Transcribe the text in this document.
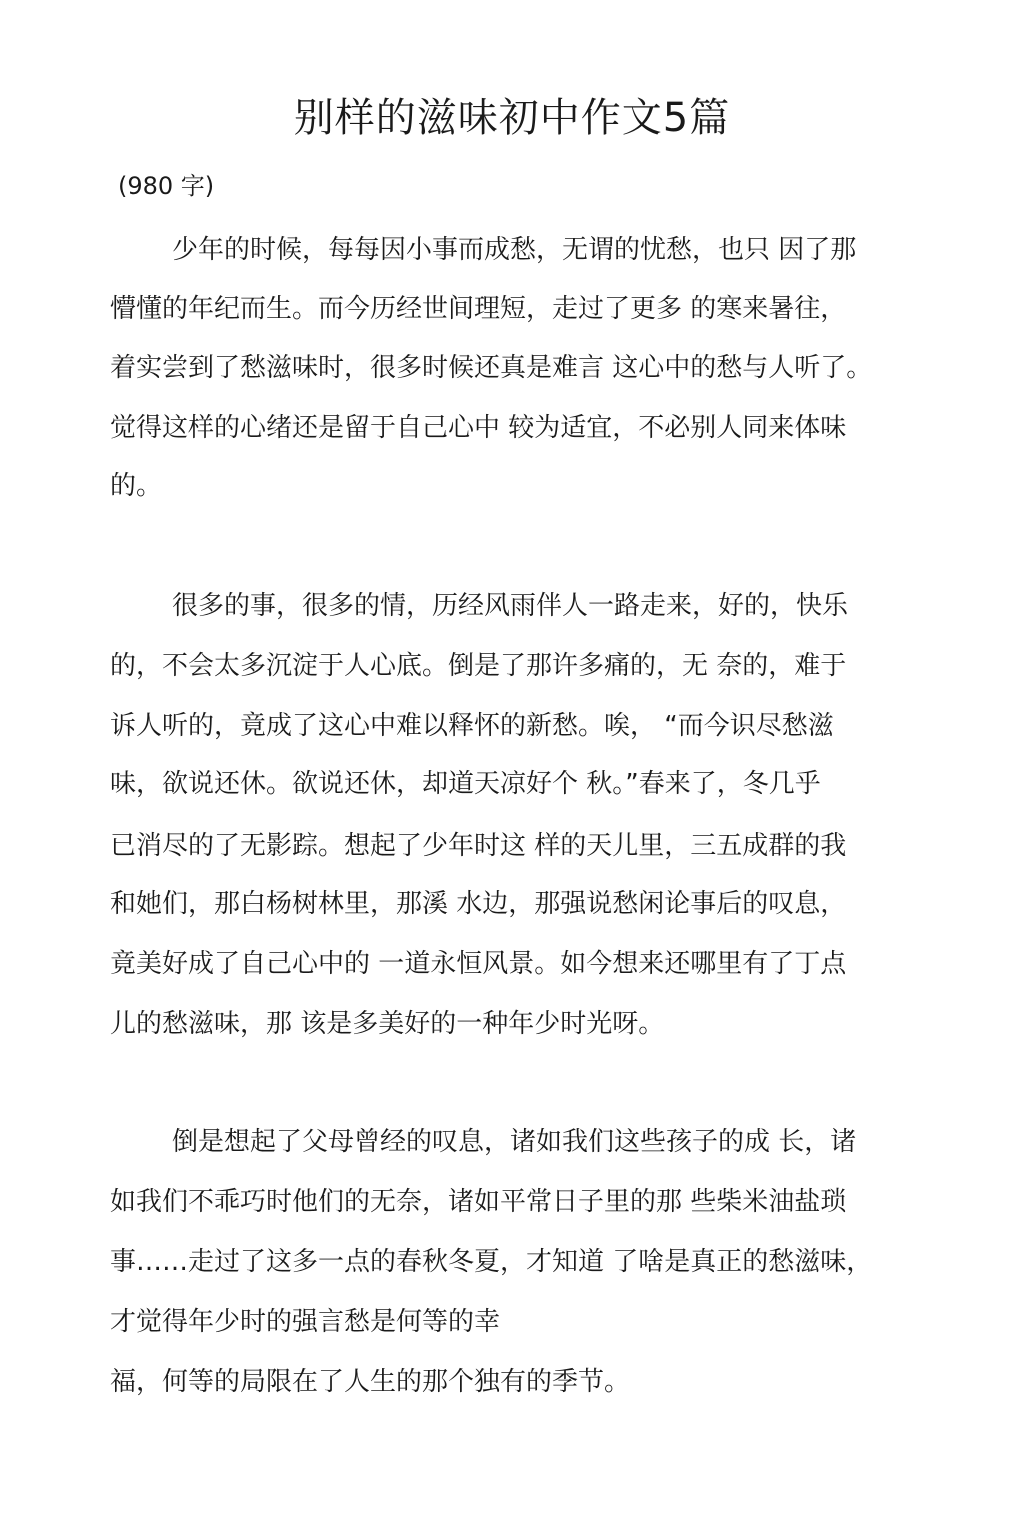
别样的滋味初中作文5篇
(980 字)
少年的时候，每每因小事而成愁，无谓的忧愁，也只 因了那
懵懂的年纪而生。而今历经世间理短，走过了更多 的寒来暑往，
着实尝到了愁滋味时，很多时候还真是难言 这心中的愁与人听了。
觉得这样的心绪还是留于自己心中 较为适宜，不必别人同来体味
的。
很多的事，很多的情，历经风雨伴人一路走来，好的，快乐
的，不会太多沉淀于人心底。倒是了那许多痛的，无 奈的，难于
诉人听的，竟成了这心中难以释怀的新愁。唉， “而今识尽愁滋
味，欲说还休。欲说还休，却道天凉好个 秋。”春来了，冬几乎
已消尽的了无影踪。想起了少年时这 样的天儿里，三五成群的我
和她们，那白杨树林里，那溪 水边，那强说愁闲论事后的叹息，
竟美好成了自己心中的 一道永恒风景。如今想来还哪里有了丁点
儿的愁滋味，那 该是多美好的一种年少时光呀。
倒是想起了父母曾经的叹息，诸如我们这些孩子的成 长，诸
如我们不乖巧时他们的无奈，诸如平常日子里的那 些柴米油盐琐
事……走过了这多一点的春秋冬夏，才知道 了啥是真正的愁滋味，
才觉得年少时的强言愁是何等的幸
福，何等的局限在了人生的那个独有的季节。
